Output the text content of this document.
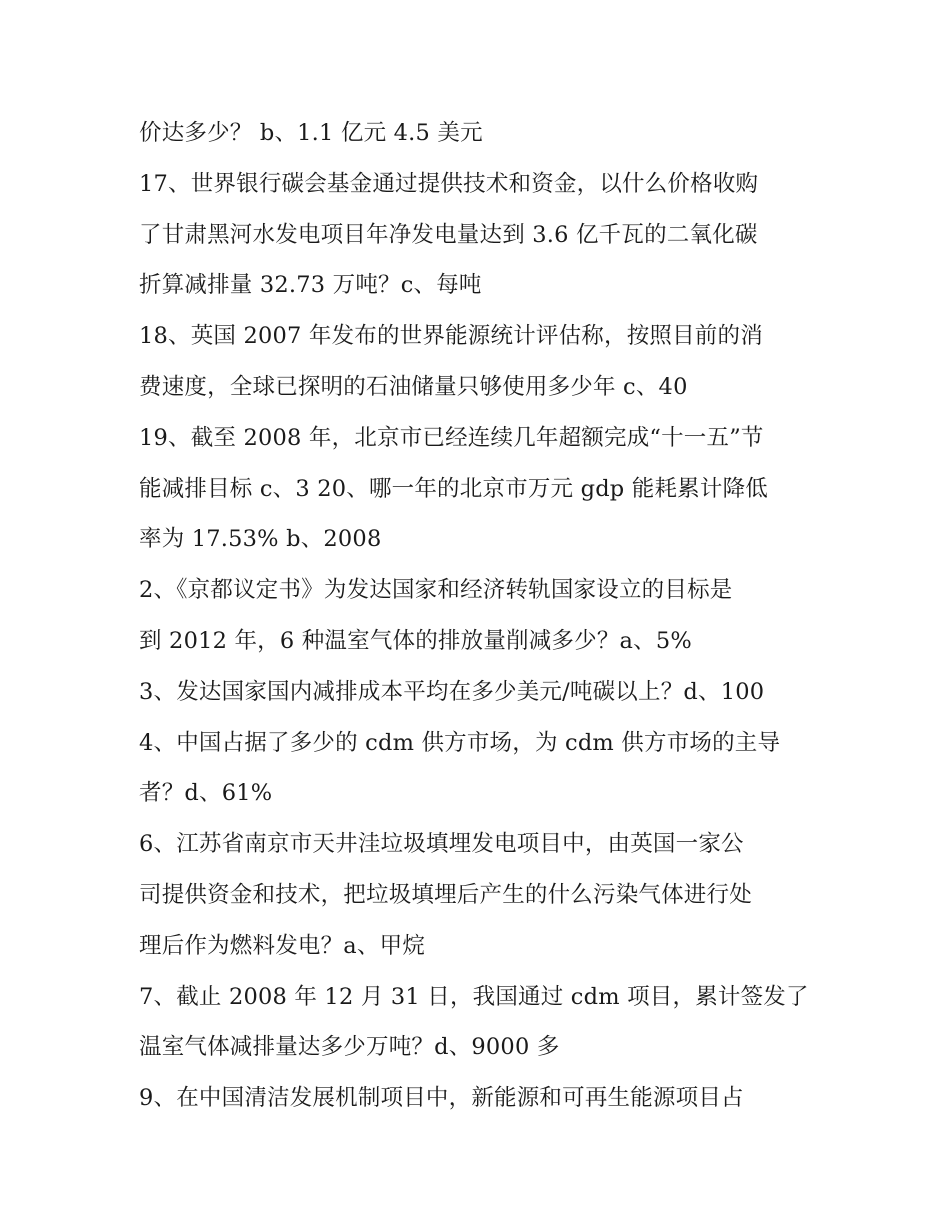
价达多少？ b、1.1 亿元 4.5 美元
17、世界银行碳会基金通过提供技术和资金，以什么价格收购
了甘肃黑河水发电项目年净发电量达到 3.6 亿千瓦的二氧化碳
折算减排量 32.73 万吨？c、每吨
18、英国 2007 年发布的世界能源统计评估称，按照目前的消
费速度，全球已探明的石油储量只够使用多少年 c、40
19、截至 2008 年，北京市已经连续几年超额完成“十一五”节
能减排目标 c、3 20、哪一年的北京市万元 gdp 能耗累计降低
率为 17.53% b、2008
2、《京都议定书》为发达国家和经济转轨国家设立的目标是
到 2012 年，6 种温室气体的排放量削减多少？a、5%
3、发达国家国内减排成本平均在多少美元/吨碳以上？d、100
4、中国占据了多少的 cdm 供方市场，为 cdm 供方市场的主导
者？d、61%
6、江苏省南京市天井洼垃圾填埋发电项目中，由英国一家公
司提供资金和技术，把垃圾填埋后产生的什么污染气体进行处
理后作为燃料发电？a、甲烷
7、截止 2008 年 12 月 31 日，我国通过 cdm 项目，累计签发了
温室气体减排量达多少万吨？d、9000 多
9、在中国清洁发展机制项目中，新能源和可再生能源项目占
